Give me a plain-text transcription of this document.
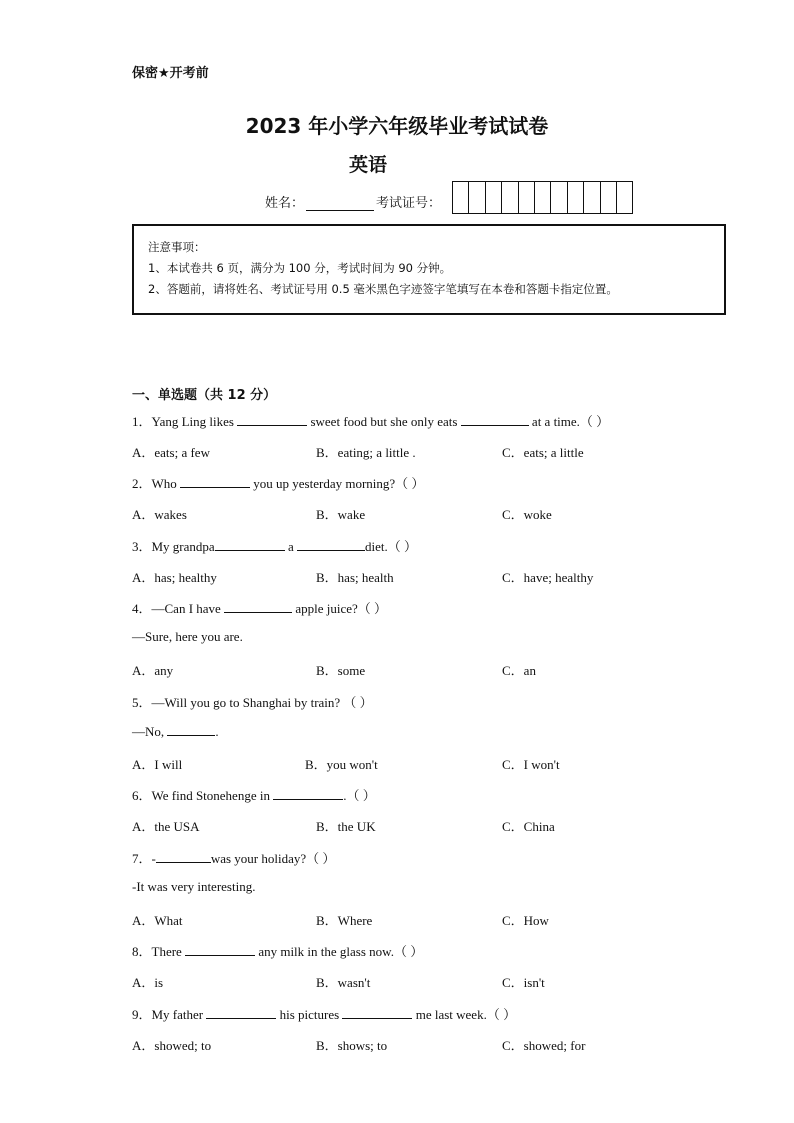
保密★开考前
2023 年小学六年级毕业考试试卷
英语
姓名：	考试证号：
注意事项：
1、本试卷共 6 页，满分为 100 分，考试时间为 90 分钟。
2、答题前，请将姓名、考试证号用 0.5 毫米黑色字迹签字笔填写在本卷和答题卡指定位置。
一、单选题（共 12 分）
1．Yang Ling likes	sweet food but she only eats	at a time.（ ）
A．eats; a few	B．eating; a little .	C．eats; a little
2．Who	you up yesterday morning?（ ）
A．wakes	B．wake	C．woke
3．My grandpa	a	diet.（ ）
A．has; healthy	B．has; health	C．have; healthy
4．—Can I have	apple juice?（ ）
—Sure, here you are.
A．any	B．some	C．an
5．—Will you go to Shanghai by train? （ ）
—No,	.
A．I will	B．you won't	C．I won't
6．We find Stonehenge in	.（ ）
A．the USA	B．the UK	C．China
7．-	was your holiday?（ ）
-It was very interesting.
A．What	B．Where	C．How
8．There	any milk in the glass now.（ ）
A．is	B．wasn't	C．isn't
9．My father	his pictures	me last week.（ ）
A．showed; to	B．shows; to	C．showed; for
